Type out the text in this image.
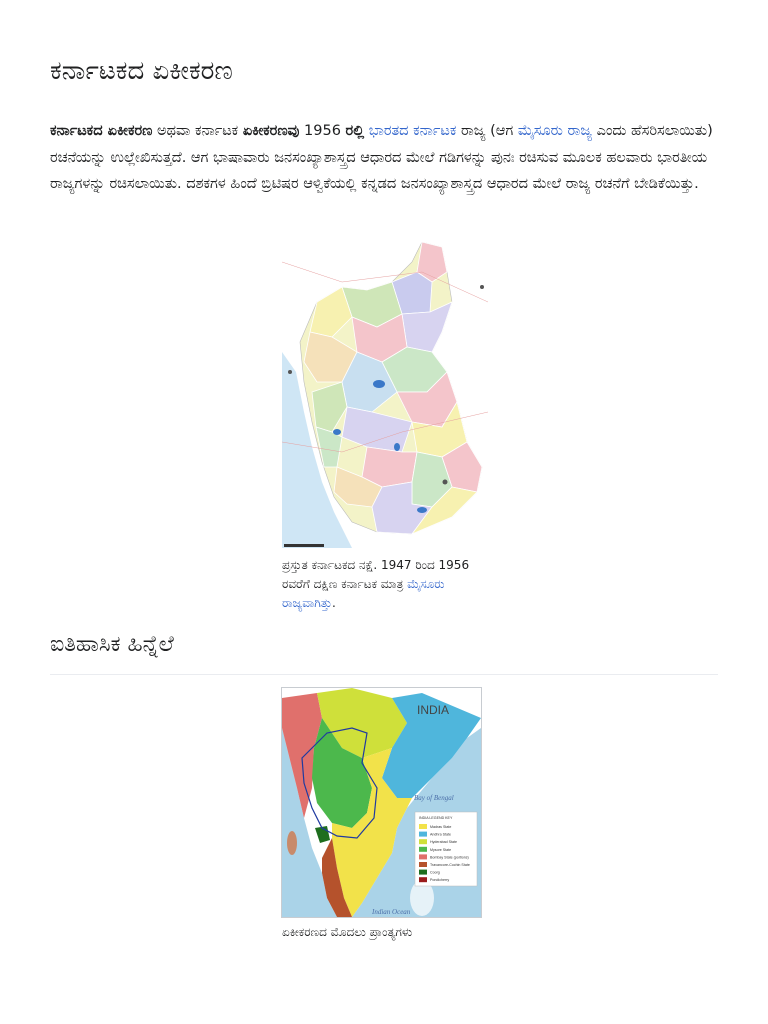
ಕರ್ನಾಟಕದ ಏಕೀಕರಣ

ಕರ್ನಾಟಕದ ಏಕೀಕರಣ ಅಥವಾ ಕರ್ನಾಟಕ ಏಕೀಕರಣವು 1956 ರಲ್ಲಿ ಭಾರತದ ಕರ್ನಾಟಕ ರಾಜ್ಯ (ಆಗ ಮೈಸೂರು ರಾಜ್ಯ ಎಂದು ಹೆಸರಿಸಲಾಯಿತು) ರಚನೆಯನ್ನು ಉಲ್ಲೇಖಿಸುತ್ತದೆ. ಆಗ ಭಾಷಾವಾರು ಜನಸಂಖ್ಯಾಶಾಸ್ತ್ರದ ಆಧಾರದ ಮೇಲೆ ಗಡಿಗಳನ್ನು ಪುನಃ ರಚಿಸುವ ಮೂಲಕ ಹಲವಾರು ಭಾರತೀಯ ರಾಜ್ಯಗಳನ್ನು ರಚಿಸಲಾಯಿತು. ದಶಕಗಳ ಹಿಂದೆ ಬ್ರಿಟಿಷರ ಆಳ್ವಿಕೆಯಲ್ಲಿ ಕನ್ನಡದ ಜನಸಂಖ್ಯಾಶಾಸ್ತ್ರದ ಆಧಾರದ ಮೇಲೆ ರಾಜ್ಯ ರಚನೆಗೆ ಬೇಡಿಕೆಯಿತ್ತು.

ಪ್ರಸ್ತುತ ಕರ್ನಾಟಕದ ನಕ್ಷೆ. 1947 ರಿಂದ 1956 ರವರೆಗೆ ದಕ್ಷಿಣ ಕರ್ನಾಟಕ ಮಾತ್ರ ಮೈಸೂರು ರಾಜ್ಯವಾಗಿತ್ತು.

ಐತಿಹಾಸಿಕ ಹಿನ್ನೆಲೆ
INDIA
Bay of Bengal
Indian Ocean
INDIA LEGEND KEY
Madras State
Andhra State
Hyderabad State
Mysore State
Bombay State (portions)
Travancore-Cochin State
Coorg
Pondicherry

ಏಕೀಕರಣದ ಮೊದಲು ಪ್ರಾಂತ್ಯಗಳು
